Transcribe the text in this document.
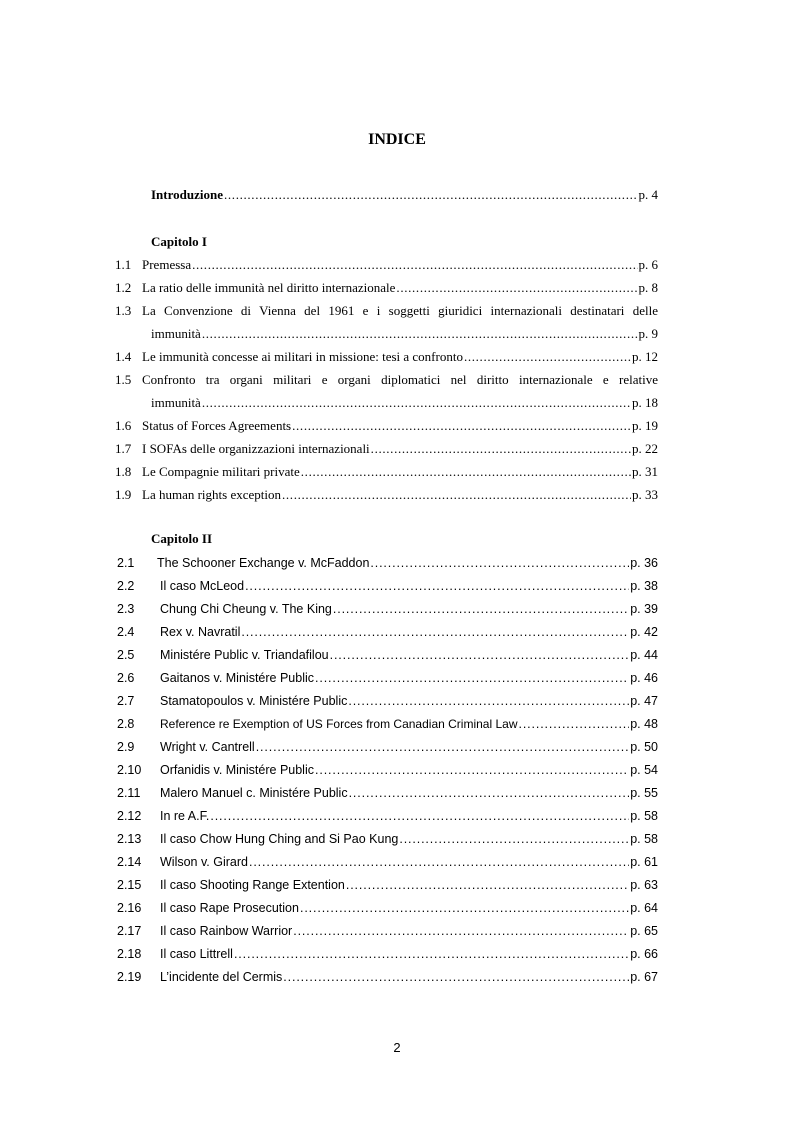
INDICE
Introduzione . . .	p. 4
Capitolo I
1.1 Premessa . . .	p. 6
1.2 La ratio delle immunità nel diritto internazionale . . .	p. 8
1.3 La Convenzione di Vienna del 1961 e i soggetti giuridici internazionali destinatari delle
immunità . . .	p. 9
1.4 Le immunità concesse ai militari in missione: tesi a confronto . . .	p. 12
1.5 Confronto tra organi militari e organi diplomatici nel diritto internazionale e relative
immunità . . .	p. 18
1.6 Status of Forces Agreements . . .	p. 19
1.7 I SOFAs delle organizzazioni internazionali . . .	p. 22
1.8 Le Compagnie militari private . . .	p. 31
1.9 La human rights exception . . .	p. 33
Capitolo II
2.1 The Schooner Exchange v. McFaddon . . .	p. 36
2.2 Il caso McLeod . . .	p. 38
2.3 Chung Chi Cheung v. The King . . .	p. 39
2.4 Rex v. Navratil . . .	p. 42
2.5 Ministére Public v. Triandafilou . . .	p. 44
2.6 Gaitanos v. Ministére Public . . .	p. 46
2.7 Stamatopoulos v. Ministére Public . . .	p. 47
2.8 Reference re Exemption of US Forces from Canadian Criminal Law . . .	p. 48
2.9 Wright v. Cantrell . . .	p. 50
2.10 Orfanidis v. Ministére Public . . .	p. 54
2.11 Malero Manuel c. Ministére Public . . .	p. 55
2.12 In re A.F. . . .	p. 58
2.13 Il caso Chow Hung Ching and Si Pao Kung . . .	p. 58
2.14 Wilson v. Girard . . .	p. 61
2.15 Il caso Shooting Range Extention . . .	p. 63
2.16 Il caso Rape Prosecution . . .	p. 64
2.17 Il caso Rainbow Warrior . . .	p. 65
2.18 Il caso Littrell . . .	p. 66
2.19 L’incidente del Cermis . . .	p. 67
2
